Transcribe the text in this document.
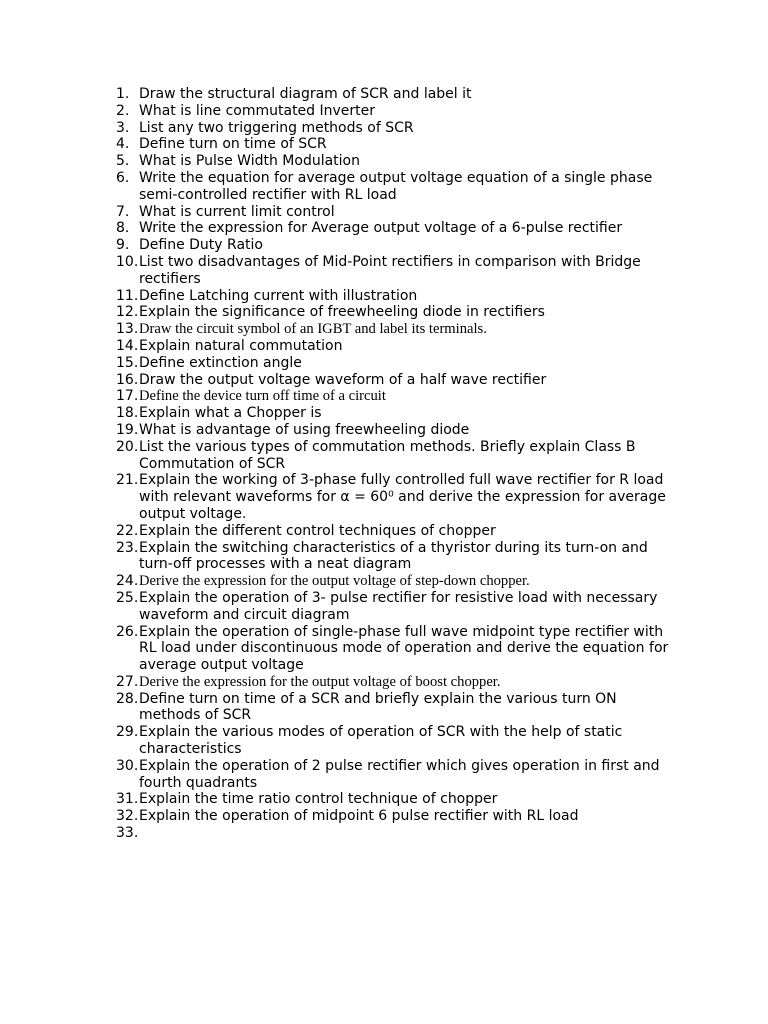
1. Draw the structural diagram of SCR and label it
2. What is line commutated Inverter
3. List any two triggering methods of SCR
4. Define turn on time of SCR
5. What is Pulse Width Modulation
6. Write the equation for average output voltage equation of a single phase semi-controlled rectifier with RL load
7. What is current limit control
8. Write the expression for Average output voltage of a 6-pulse rectifier
9. Define Duty Ratio
10. List two disadvantages of Mid-Point rectifiers in comparison with Bridge rectifiers
11. Define Latching current with illustration
12. Explain the significance of freewheeling diode in rectifiers
13. Draw the circuit symbol of an IGBT and label its terminals.
14. Explain natural commutation
15. Define extinction angle
16. Draw the output voltage waveform of a half wave rectifier
17. Define the device turn off time of a circuit
18. Explain what a Chopper is
19. What is advantage of using freewheeling diode
20. List the various types of commutation methods. Briefly explain Class B Commutation of SCR
21. Explain the working of 3-phase fully controlled full wave rectifier for R load with relevant waveforms for α = 60⁰ and derive the expression for average output voltage.
22. Explain the different control techniques of chopper
23. Explain the switching characteristics of a thyristor during its turn-on and turn-off processes with a neat diagram
24. Derive the expression for the output voltage of step-down chopper.
25. Explain the operation of 3- pulse rectifier for resistive load with necessary waveform and circuit diagram
26. Explain the operation of single-phase full wave midpoint type rectifier with RL load under discontinuous mode of operation and derive the equation for average output voltage
27. Derive the expression for the output voltage of boost chopper.
28. Define turn on time of a SCR and briefly explain the various turn ON methods of SCR
29. Explain the various modes of operation of SCR with the help of static characteristics
30. Explain the operation of 2 pulse rectifier which gives operation in first and fourth quadrants
31. Explain the time ratio control technique of chopper
32. Explain the operation of midpoint 6 pulse rectifier with RL load
33.
